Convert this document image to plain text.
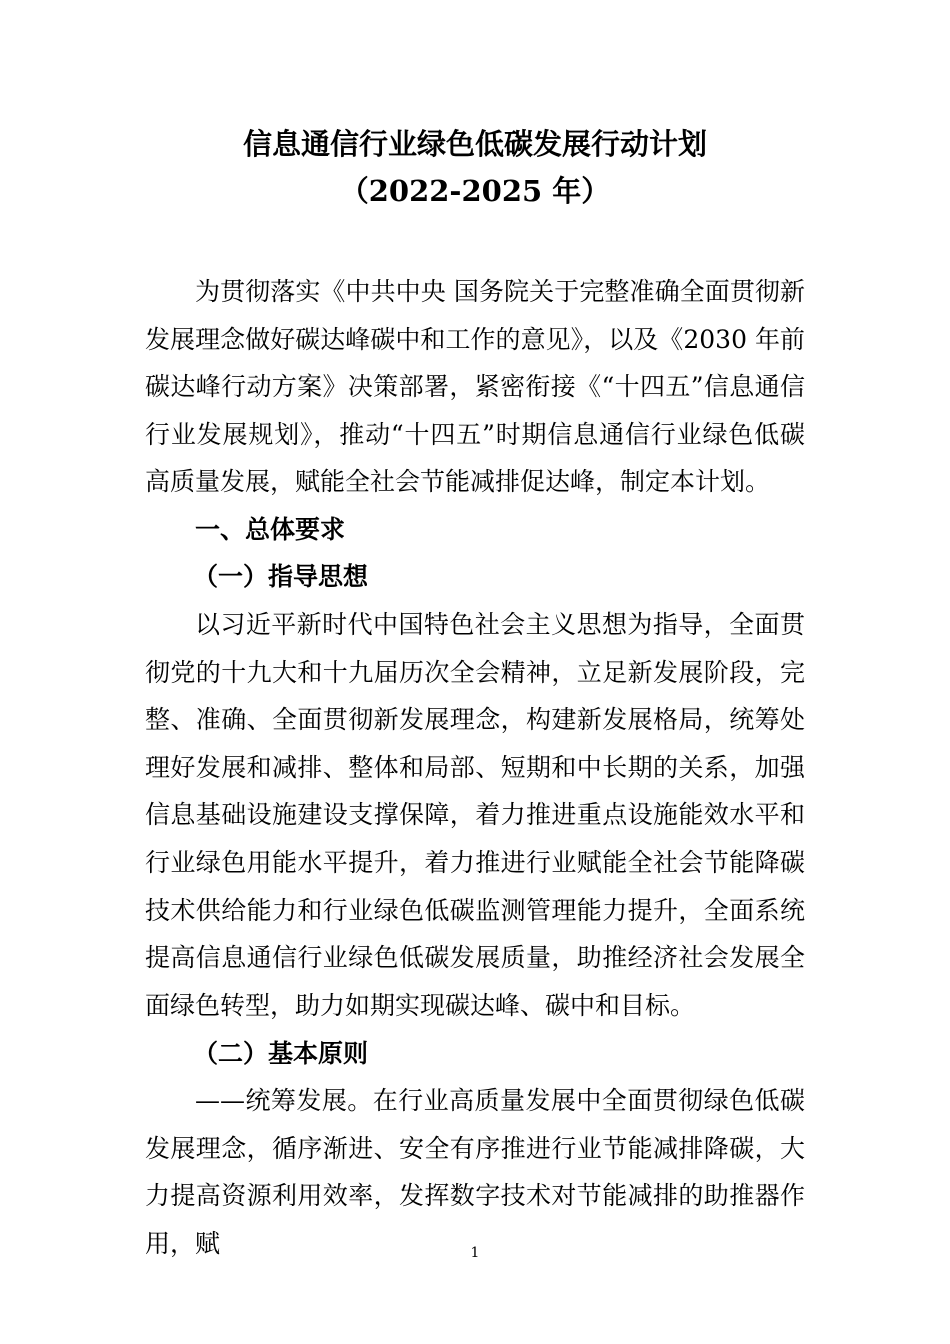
信息通信行业绿色低碳发展行动计划
（2022-2025 年）

为贯彻落实《中共中央 国务院关于完整准确全面贯彻新发展理念做好碳达峰碳中和工作的意见》，以及《2030 年前碳达峰行动方案》决策部署，紧密衔接《“十四五”信息通信行业发展规划》，推动“十四五”时期信息通信行业绿色低碳高质量发展，赋能全社会节能减排促达峰，制定本计划。

一、总体要求
（一）指导思想

以习近平新时代中国特色社会主义思想为指导，全面贯彻党的十九大和十九届历次全会精神，立足新发展阶段，完整、准确、全面贯彻新发展理念，构建新发展格局，统筹处理好发展和减排、整体和局部、短期和中长期的关系，加强信息基础设施建设支撑保障，着力推进重点设施能效水平和行业绿色用能水平提升，着力推进行业赋能全社会节能降碳技术供给能力和行业绿色低碳监测管理能力提升，全面系统提高信息通信行业绿色低碳发展质量，助推经济社会发展全面绿色转型，助力如期实现碳达峰、碳中和目标。

（二）基本原则

——统筹发展。在行业高质量发展中全面贯彻绿色低碳发展理念，循序渐进、安全有序推进行业节能减排降碳，大力提高资源利用效率，发挥数字技术对节能减排的助推器作用，赋	1
